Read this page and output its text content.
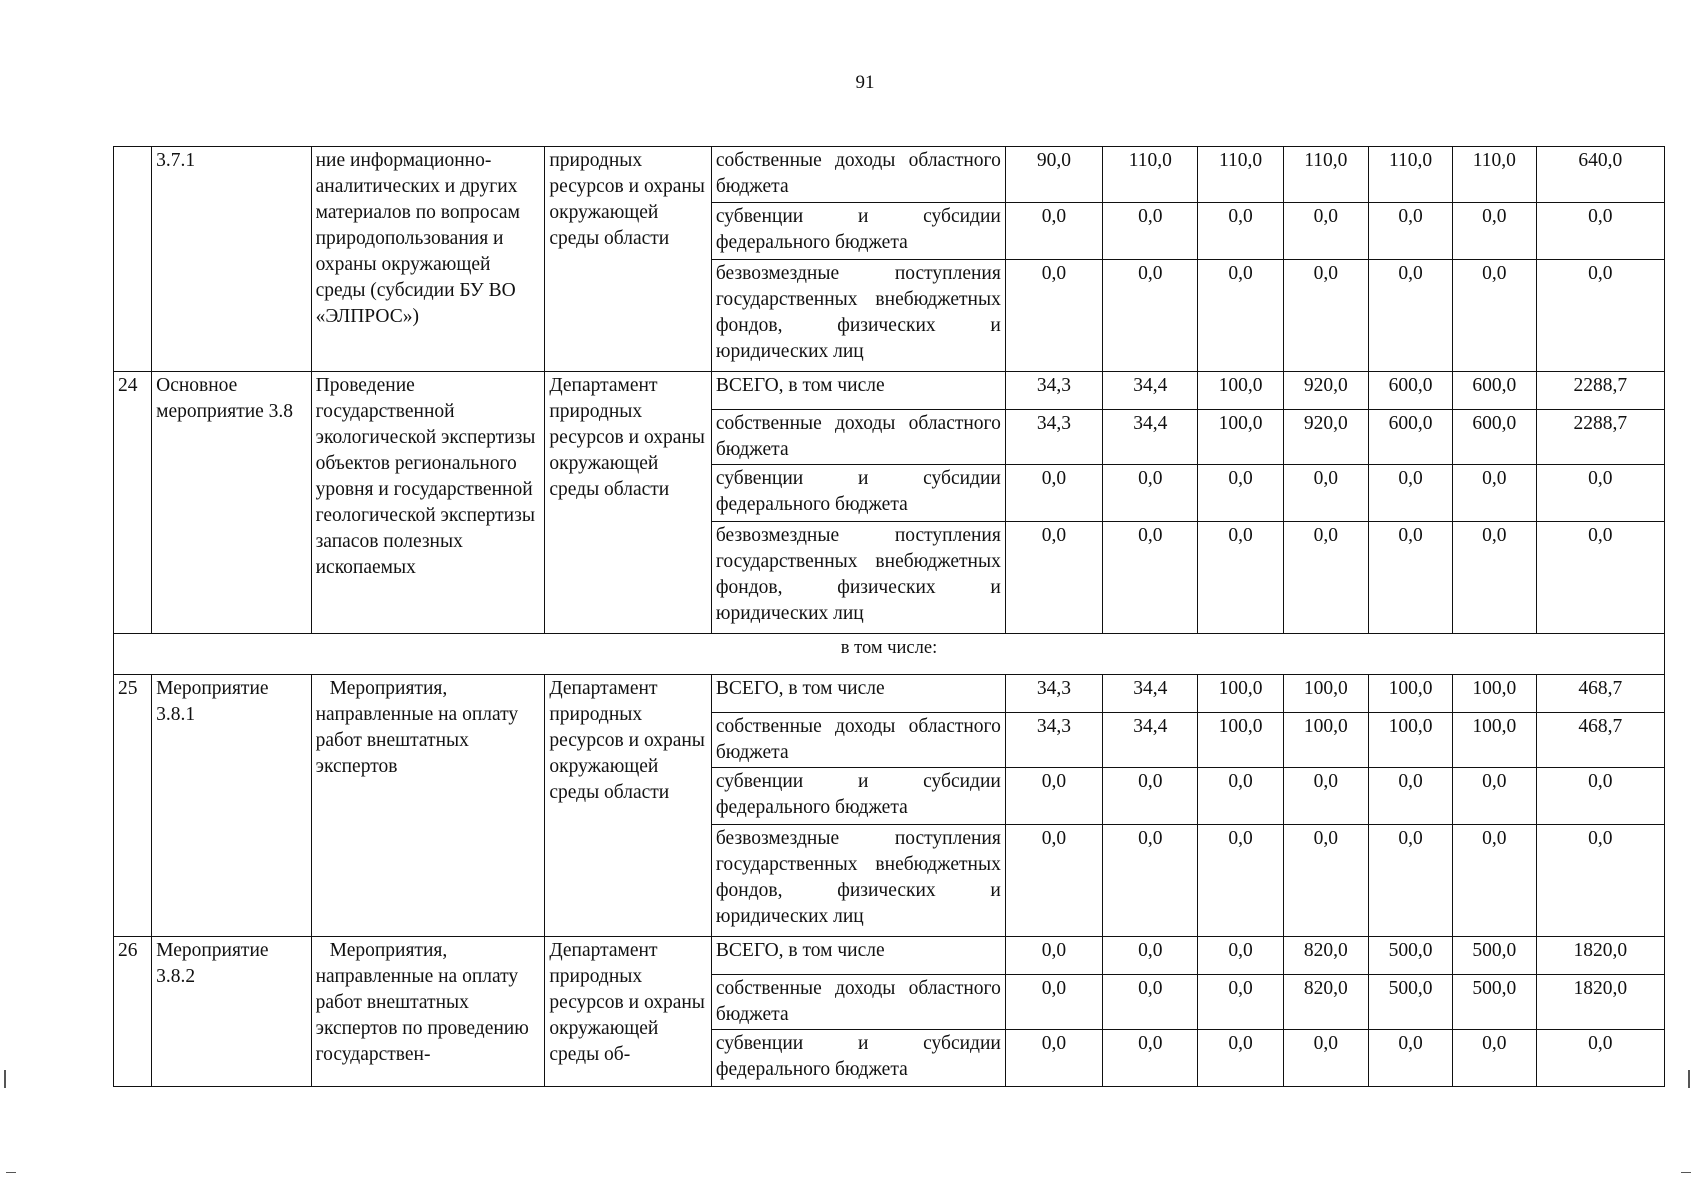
91
	3.7.1	ние информационно-аналитических и других материалов по вопросам природопользования и охраны окружающей среды (субсидии БУ ВО «ЭЛПРОС»)	природных ресурсов и охраны окружающей среды области	собственные доходы областного бюджета	90,0	110,0	110,0	110,0	110,0	110,0	640,0
				субвенции и субсидии федерального бюджета	0,0	0,0	0,0	0,0	0,0	0,0	0,0
				безвозмездные поступления государственных внебюджетных фондов, физических и юридических лиц	0,0	0,0	0,0	0,0	0,0	0,0	0,0
24	Основное мероприятие 3.8	Проведение государственной экологической экспертизы объектов регионального уровня и государственной геологической экспертизы запасов полезных ископаемых	Департамент природных ресурсов и охраны окружающей среды области	ВСЕГО, в том числе	34,3	34,4	100,0	920,0	600,0	600,0	2288,7
				собственные доходы областного бюджета	34,3	34,4	100,0	920,0	600,0	600,0	2288,7
				субвенции и субсидии федерального бюджета	0,0	0,0	0,0	0,0	0,0	0,0	0,0
				безвозмездные поступления государственных внебюджетных фондов, физических и юридических лиц	0,0	0,0	0,0	0,0	0,0	0,0	0,0
в том числе:											
25	Мероприятие 3.8.1	Мероприятия, направленные на оплату работ внештатных экспертов	Департамент природных ресурсов и охраны окружающей среды области	ВСЕГО, в том числе	34,3	34,4	100,0	100,0	100,0	100,0	468,7
				собственные доходы областного бюджета	34,3	34,4	100,0	100,0	100,0	100,0	468,7
				субвенции и субсидии федерального бюджета	0,0	0,0	0,0	0,0	0,0	0,0	0,0
				безвозмездные поступления государственных внебюджетных фондов, физических и юридических лиц	0,0	0,0	0,0	0,0	0,0	0,0	0,0
26	Мероприятие 3.8.2	Мероприятия, направленные на оплату работ внештатных экспертов по проведению государствен-	Департамент природных ресурсов и охраны окружающей среды об-	ВСЕГО, в том числе	0,0	0,0	0,0	820,0	500,0	500,0	1820,0
				собственные доходы областного бюджета	0,0	0,0	0,0	820,0	500,0	500,0	1820,0
				субвенции и субсидии федерального бюджета	0,0	0,0	0,0	0,0	0,0	0,0	0,0
